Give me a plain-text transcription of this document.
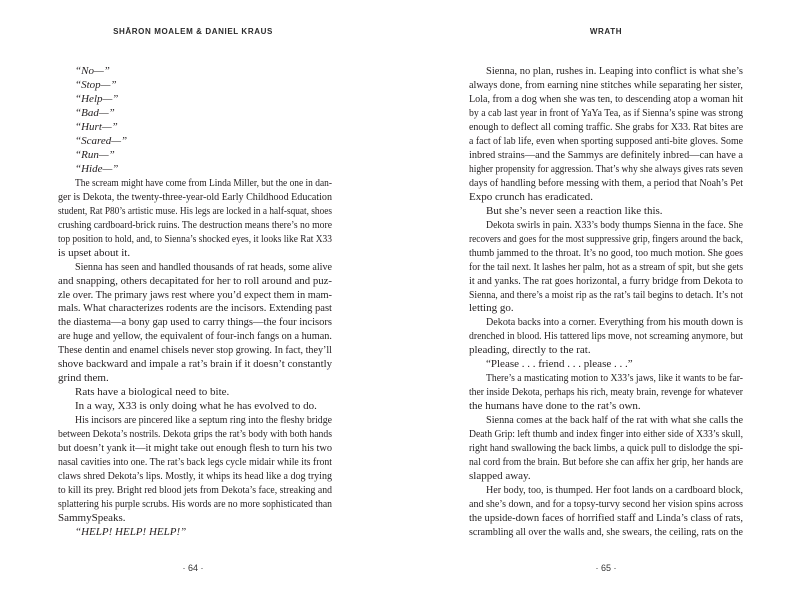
SHĀRON MOALEM & DANIEL KRAUS
“No—”
“Stop—”
“Help—”
“Bad—”
“Hurt—”
“Scared—”
“Run—”
“Hide—”
The scream might have come from Linda Miller, but the one in dan-
ger is Dekota, the twenty-three-year-old Early Childhood Education
student, Rat P80’s artistic muse. His legs are locked in a half-squat, shoes
crushing cardboard-brick ruins. The destruction means there’s no more
top position to hold, and, to Sienna’s shocked eyes, it looks like Rat X33
is upset about it.
Sienna has seen and handled thousands of rat heads, some alive
and snapping, others decapitated for her to roll around and puz-
zle over. The primary jaws rest where you’d expect them in mam-
mals. What characterizes rodents are the incisors. Extending past
the diastema—a bony gap used to carry things—the four incisors
are huge and yellow, the equivalent of four-inch fangs on a human.
These dentin and enamel chisels never stop growing. In fact, they’ll
shove backward and impale a rat’s brain if it doesn’t constantly
grind them.
Rats have a biological need to bite.
In a way, X33 is only doing what he has evolved to do.
His incisors are pincered like a septum ring into the fleshy bridge
between Dekota’s nostrils. Dekota grips the rat’s body with both hands
but doesn’t yank it—it might take out enough flesh to turn his two
nasal cavities into one. The rat’s back legs cycle midair while its front
claws shred Dekota’s lips. Mostly, it whips its head like a dog trying
to kill its prey. Bright red blood jets from Dekota’s face, streaking and
splattering his purple scrubs. His words are no more sophisticated than
SammySpeaks.
“HELP! HELP! HELP!”
· 64 ·
WRATH
Sienna, no plan, rushes in. Leaping into conflict is what she’s
always done, from earning nine stitches while separating her sister,
Lola, from a dog when she was ten, to descending atop a woman hit
by a cab last year in front of YaYa Tea, as if Sienna’s spine was strong
enough to deflect all coming traffic. She grabs for X33. Rat bites are
a fact of lab life, even when sporting supposed anti-bite gloves. Some
inbred strains—and the Sammys are definitely inbred—can have a
higher propensity for aggression. That’s why she always gives rats seven
days of handling before messing with them, a period that Noah’s Pet
Expo crunch has eradicated.
But she’s never seen a reaction like this.
Dekota swirls in pain. X33’s body thumps Sienna in the face. She
recovers and goes for the most suppressive grip, fingers around the back,
thumb jammed to the throat. It’s no good, too much motion. She goes
for the tail next. It lashes her palm, hot as a stream of spit, but she gets
it and yanks. The rat goes horizontal, a furry bridge from Dekota to
Sienna, and there’s a moist rip as the rat’s tail begins to detach. It’s not
letting go.
Dekota backs into a corner. Everything from his mouth down is
drenched in blood. His tattered lips move, not screaming anymore, but
pleading, directly to the rat.
“Please . . . friend . . . please . . .”
There’s a masticating motion to X33’s jaws, like it wants to be far-
ther inside Dekota, perhaps his rich, meaty brain, revenge for whatever
the humans have done to the rat’s own.
Sienna comes at the back half of the rat with what she calls the
Death Grip: left thumb and index finger into either side of X33’s skull,
right hand swallowing the back limbs, a quick pull to dislodge the spi-
nal cord from the brain. But before she can affix her grip, her hands are
slapped away.
Her body, too, is thumped. Her foot lands on a cardboard block,
and she’s down, and for a topsy-turvy second her vision spins across
the upside-down faces of horrified staff and Linda’s class of rats,
scrambling all over the walls and, she swears, the ceiling, rats on the
· 65 ·
